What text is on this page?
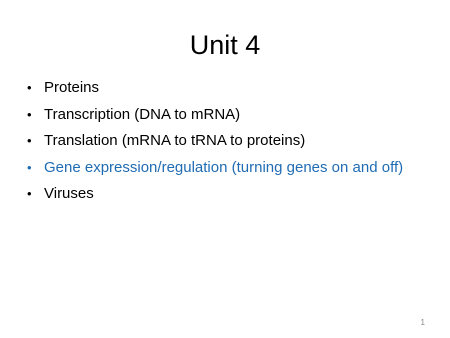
Unit 4
• Proteins
• Transcription (DNA to mRNA)
• Translation (mRNA to tRNA to proteins)
• Gene expression/regulation (turning genes on and off)
• Viruses
1
